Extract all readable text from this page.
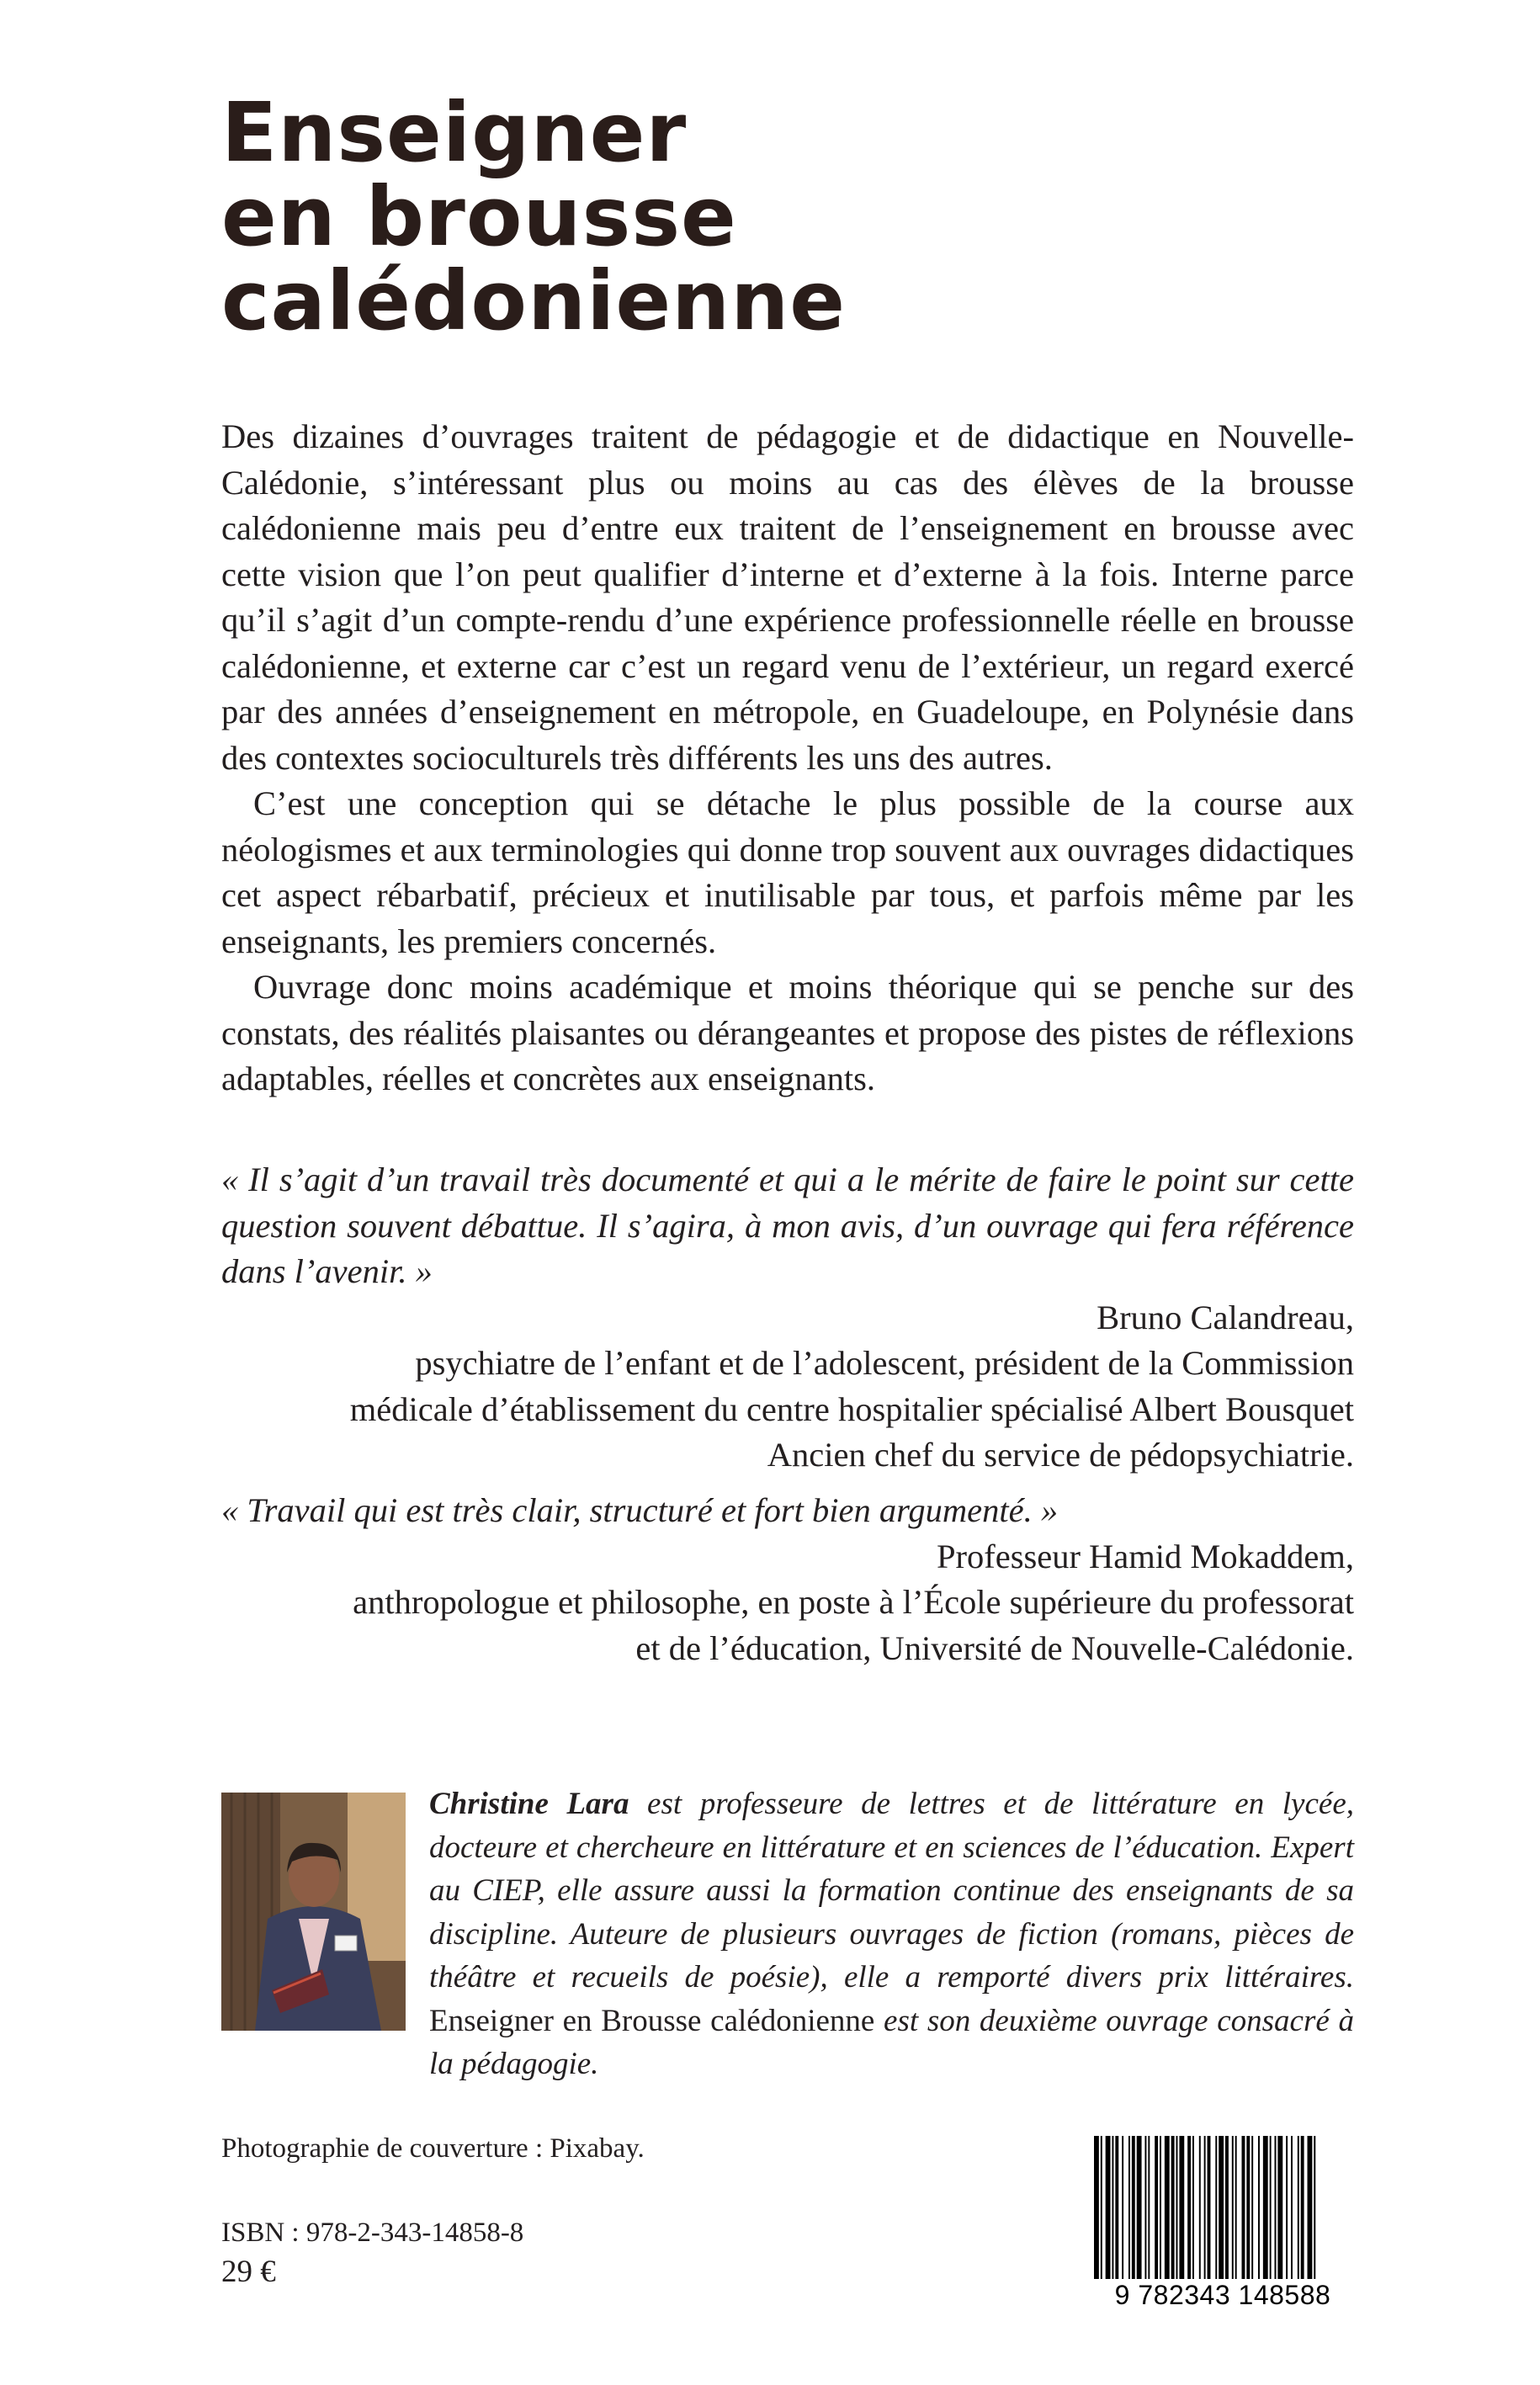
Enseigner
en brousse
calédonienne

Des dizaines d’ouvrages traitent de pédagogie et de didactique en Nouvelle-Calédonie, s’intéressant plus ou moins au cas des élèves de la brousse calédonienne mais peu d’entre eux traitent de l’enseignement en brousse avec cette vision que l’on peut qualifier d’interne et d’externe à la fois. Interne parce qu’il s’agit d’un compte-rendu d’une expérience professionnelle réelle en brousse calédonienne, et externe car c’est un regard venu de l’extérieur, un regard exercé par des années d’enseignement en métropole, en Guadeloupe, en Polynésie dans des contextes socioculturels très différents les uns des autres.

C’est une conception qui se détache le plus possible de la course aux néologismes et aux terminologies qui donne trop souvent aux ouvrages didactiques cet aspect rébarbatif, précieux et inutilisable par tous, et parfois même par les enseignants, les premiers concernés.

Ouvrage donc moins académique et moins théorique qui se penche sur des constats, des réalités plaisantes ou dérangeantes et propose des pistes de réflexions adaptables, réelles et concrètes aux enseignants.

« Il s’agit d’un travail très documenté et qui a le mérite de faire le point sur cette question souvent débattue. Il s’agira, à mon avis, d’un ouvrage qui fera référence dans l’avenir. »

Bruno Calandreau,

psychiatre de l’enfant et de l’adolescent, président de la Commission

médicale d’établissement du centre hospitalier spécialisé Albert Bousquet

Ancien chef du service de pédopsychiatrie.

« Travail qui est très clair, structuré et fort bien argumenté. »

Professeur Hamid Mokaddem,

anthropologue et philosophe, en poste à l’École supérieure du professorat

et de l’éducation, Université de Nouvelle-Calédonie.

Christine Lara est professeure de lettres et de littérature en lycée, docteure et chercheure en littérature et en sciences de l’éducation. Expert au CIEP, elle assure aussi la formation continue des enseignants de sa discipline. Auteure de plusieurs ouvrages de fiction (romans, pièces de théâtre et recueils de poésie), elle a remporté divers prix littéraires. Enseigner en Brousse calédonienne est son deuxième ouvrage consacré à la pédagogie.

Photographie de couverture : Pixabay.

ISBN : 978-2-343-14858-8

29 €

9 782343 148588
